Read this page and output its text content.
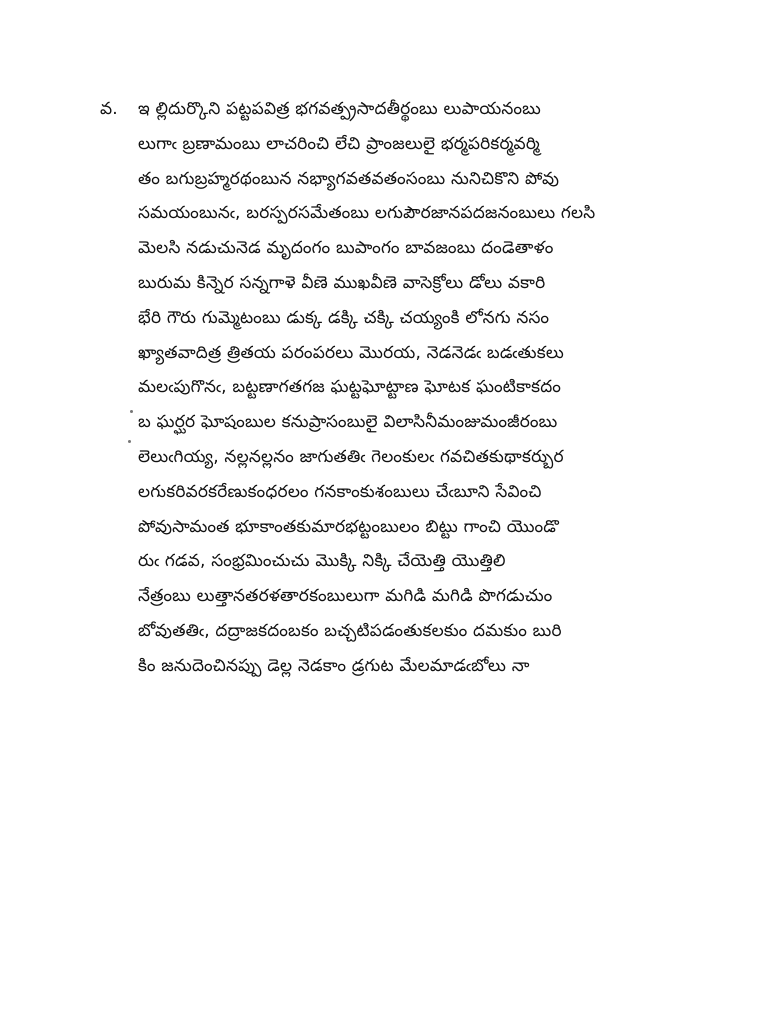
వ.	ఇ ల్లిదుర్కొని పట్టపవిత్ర భగవత్ప్రసాదతీర్థంబు లుపాయనంబు
లుగాఁ బ్రణామంబు లాచరించి లేచి ప్రాంజలులై భర్మపరికర్మవర్మి
తం బగుబ్రహ్మరథంబున నభ్యాగవతవతంసంబు నునిచికొని పోవు
సమయంబునఁ, బరస్పరసమేతంబు లగుపౌరజానపదజనంబులు గలసి
మెలసి నడుచునెడ మృదంగం బుపాంగం బావజంబు దండెతాళం
బురుమ కిన్నెర సన్నగాళె వీణె ముఖవీణె వాసెక్రోలు డోలు వకారి
భేరి గౌరు గుమ్మెటంబు డుక్క డక్కి చక్కి చయ్యంకి లోనగు నసం
ఖ్యాతవాదిత్ర త్రితయ పరంపరలు మొరయ, నెడనెడఁ బడఁతుకలు
మలఁపుగొనఁ, బట్టణాగతగజ ఘట్టఘోట్టాణ ఘోటక ఘంటికాకదం
బ ఘర్ఘర ఘోషంబుల కనుప్రాసంబులై విలాసినీమంజుమంజీరంబు
లెలుఁగియ్య, నల్లనల్లనం జాగుతతిఁ గెలంకులఁ గవచితకుథాకర్బుర
లగుకరివరకరేణుకంధరలం గనకాంకుశంబులు చేఁబూని సేవించి
పోవుసామంత భూకాంతకుమారభట్టంబులం బిట్టు గాంచి యొండొ
రుఁ గడవ, సంభ్రమించుచు మొక్కి నిక్కి చేయెత్తి యొత్తిలి
నేత్రంబు లుత్తానతరళతారకంబులుగా మగిడి మగిడి పొగడుచుం
బోవుతతిఁ, దద్రాజకదంబకం బచ్చటిపడంతుకలకుం దమకుం బురి
కిం జనుదెంచినప్పు డెల్ల నెడకాం డ్రగుట మేలమాడఁబోలు నా
